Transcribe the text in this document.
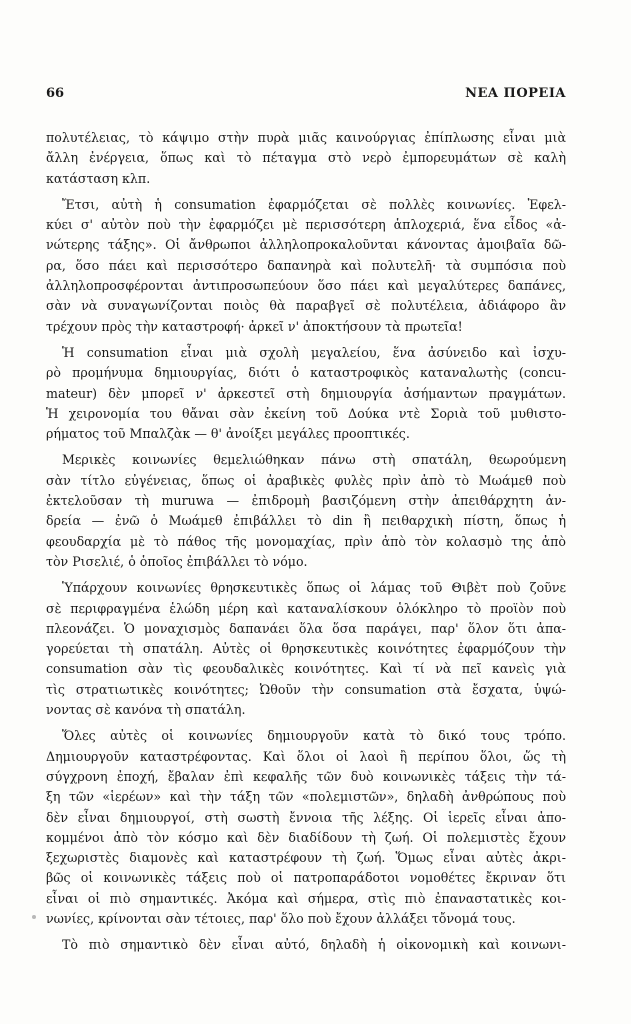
66	ΝΕΑ ΠΟΡΕΙΑ

πολυτέλειας, τὸ κάψιμο στὴν πυρὰ μιᾶς καινούργιας ἐπίπλωσης εἶναι μιὰ
ἄλλη ἐνέργεια, ὅπως καὶ τὸ πέταγμα στὸ νερὸ ἐμπορευμάτων σὲ καλὴ
κατάσταση κλπ.

Ἔτσι, αὐτὴ ἡ consumation ἐφαρμόζεται σὲ πολλὲς κοινωνίες. Ἐφελ-
κύει σ' αὐτὸν ποὺ τὴν ἐφαρμόζει μὲ περισσότερη ἁπλοχεριά, ἕνα εἶδος «ἀ-
νώτερης τάξης». Οἱ ἄνθρωποι ἀλληλοπροκαλοῦνται κάνοντας ἀμοιβαῖα δῶ-
ρα, ὅσο πάει καὶ περισσότερο δαπανηρὰ καὶ πολυτελῆ· τὰ συμπόσια ποὺ
ἀλληλοπροσφέρονται ἀντιπροσωπεύουν ὅσο πάει καὶ μεγαλύτερες δαπάνες,
σὰν νὰ συναγωνίζονται ποιὸς θὰ παραβγεῖ σὲ πολυτέλεια, ἀδιάφορο ἂν
τρέχουν πρὸς τὴν καταστροφή· ἀρκεῖ ν' ἀποκτήσουν τὰ πρωτεῖα!

Ἡ consumation εἶναι μιὰ σχολὴ μεγαλείου, ἕνα ἀσύνειδο καὶ ἰσχυ-
ρὸ προμήνυμα δημιουργίας, διότι ὁ καταστροφικὸς καταναλωτὴς (concu-
mateur) δὲν μπορεῖ ν' ἀρκεστεῖ στὴ δημιουργία ἀσήμαντων πραγμάτων.
Ἡ χειρονομία του θἄναι σὰν ἐκείνη τοῦ Δούκα ντὲ Σοριὰ τοῦ μυθιστο-
ρήματος τοῦ Μπαλζὰκ — θ' ἀνοίξει μεγάλες προοπτικές.

Μερικὲς κοινωνίες θεμελιώθηκαν πάνω στὴ σπατάλη, θεωρούμενη
σὰν τίτλο εὐγένειας, ὅπως οἱ ἀραβικὲς φυλὲς πρὶν ἀπὸ τὸ Μωάμεθ ποὺ
ἐκτελοῦσαν τὴ muruwa — ἐπιδρομὴ βασιζόμενη στὴν ἀπειθάρχητη ἀν-
δρεία — ἐνῶ ὁ Μωάμεθ ἐπιβάλλει τὸ din ἢ πειθαρχικὴ πίστη, ὅπως ἡ
φεουδαρχία μὲ τὸ πάθος τῆς μονομαχίας, πρὶν ἀπὸ τὸν κολασμὸ της ἀπὸ
τὸν Ρισελιέ, ὁ ὁποῖος ἐπιβάλλει τὸ νόμο.

Ὑπάρχουν κοινωνίες θρησκευτικὲς ὅπως οἱ λάμας τοῦ Θιβὲτ ποὺ ζοῦνε
σὲ περιφραγμένα ἑλώδη μέρη καὶ καταναλίσκουν ὁλόκληρο τὸ προϊὸν ποὺ
πλεονάζει. Ὁ μοναχισμὸς δαπανάει ὅλα ὅσα παράγει, παρ' ὅλον ὅτι ἀπα-
γορεύεται τὴ σπατάλη. Αὐτὲς οἱ θρησκευτικὲς κοινότητες ἐφαρμόζουν τὴν
consumation σὰν τὶς φεουδαλικὲς κοινότητες. Καὶ τί νὰ πεῖ κανεὶς γιὰ
τὶς στρατιωτικὲς κοινότητες; Ὠθοῦν τὴν consumation στὰ ἔσχατα, ὑψώ-
νοντας σὲ κανόνα τὴ σπατάλη.

Ὅλες αὐτὲς οἱ κοινωνίες δημιουργοῦν κατὰ τὸ δικό τους τρόπο.
Δημιουργοῦν καταστρέφοντας. Καὶ ὅλοι οἱ λαοὶ ἢ περίπου ὅλοι, ὥς τὴ
σύγχρονη ἐποχή, ἔβαλαν ἐπὶ κεφαλῆς τῶν δυὸ κοινωνικὲς τάξεις τὴν τά-
ξη τῶν «ἱερέων» καὶ τὴν τάξη τῶν «πολεμιστῶν», δηλαδὴ ἀνθρώπους ποὺ
δὲν εἶναι δημιουργοί, στὴ σωστὴ ἔννοια τῆς λέξης. Οἱ ἱερεῖς εἶναι ἀπο-
κομμένοι ἀπὸ τὸν κόσμο καὶ δὲν διαδίδουν τὴ ζωή. Οἱ πολεμιστὲς ἔχουν
ξεχωριστὲς διαμονὲς καὶ καταστρέφουν τὴ ζωή. Ὅμως εἶναι αὐτὲς ἀκρι-
βῶς οἱ κοινωνικὲς τάξεις ποὺ οἱ πατροπαράδοτοι νομοθέτες ἔκριναν ὅτι
εἶναι οἱ πιὸ σημαντικές. Ἀκόμα καὶ σήμερα, στὶς πιὸ ἐπαναστατικὲς κοι-
νωνίες, κρίνονται σὰν τέτοιες, παρ' ὅλο ποὺ ἔχουν ἀλλάξει τὄνομά τους.

Τὸ πιὸ σημαντικὸ δὲν εἶναι αὐτό, δηλαδὴ ἡ οἰκονομικὴ καὶ κοινωνι-
